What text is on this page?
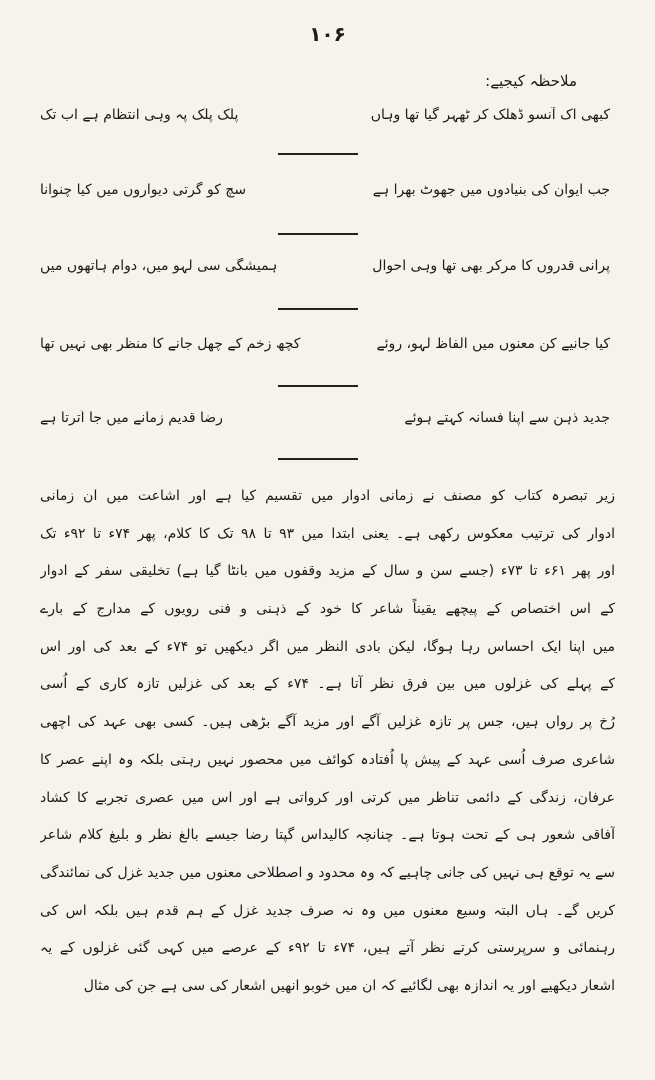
۱۰۶
ملاحظہ کیجیے:
کبھی اک آنسو ڈھلک کر ٹھہر گیا تھا وہاں
پلک پلک پہ وہی انتظام ہے اب تک
جب ایوان کی بنیادوں میں جھوٹ بھرا ہے
سچ کو گرتی دیواروں میں کیا چنوانا
پرانی قدروں کا مرکر بھی تھا وہی احوال
ہمیشگی سی لہو میں، دوام ہاتھوں میں
کیا جانیے کن معنوں میں الفاظ لہو، روئے
کچھ زخم کے چھل جانے کا منظر بھی نہیں تھا
جدید ذہن سے اپنا فسانہ کہتے ہوئے
رِضا قدیم زمانے میں جا اُترتا ہے
زیر تبصرہ کتاب کو مصنف نے زمانی ادوار میں تقسیم کیا ہے اور اشاعت میں ان زمانی
ادوار کی ترتیب معکوس رکھی ہے۔ یعنی ابتدا میں ۹۳ تا ۹۸ تک کا کلام، پھر ۷۴ء تا ۹۲ء تک
اور پھر ۶۱ء تا ۷۳ء (جسے سن و سال کے مزید وقفوں میں بانٹا گیا ہے) تخلیقی سفر کے ادوار
کے اس اختصاص کے پیچھے یقیناً شاعر کا خود کے ذہنی و فنی رویوں کے مدارج کے بارے
میں اپنا ایک احساس رہا ہوگا، لیکن بادی النظر میں اگر دیکھیں تو ۷۴ء کے بعد کی اور اس
کے پہلے کی غزلوں میں بین فرق نظر آتا ہے۔ ۷۴ء کے بعد کی غزلیں تازہ کاری کے اُسی
رُخ پر رواں ہیں، جس پر تازہ غزلیں آگے اور مزید آگے بڑھی ہیں۔ کسی بھی عہد کی اچھی
شاعری صرف اُسی عہد کے پیش پا اُفتادہ کوائف میں محصور نہیں رہتی بلکہ وہ اپنے عصر کا
عرفان، زندگی کے دائمی تناظر میں کرتی اور کرواتی ہے اور اس میں عصری تجربے کا کشاد
آفاقی شعور ہی کے تحت ہوتا ہے۔ چنانچہ کالیداس گپتا رضا جیسے بالغ نظر و بلیغ کلام شاعر
سے یہ توقع ہی نہیں کی جانی چاہیے کہ وہ محدود و اصطلاحی معنوں میں جدید غزل کی نمائندگی
کریں گے۔ ہاں البتہ وسیع معنوں میں وہ نہ صرف جدید غزل کے ہم قدم ہیں بلکہ اس کی
رہنمائی و سرپرستی کرتے نظر آتے ہیں، ۷۴ء تا ۹۲ء کے عرصے میں کہی گئی غزلوں کے یہ
اشعار دیکھیے اور یہ اندازہ بھی لگائیے کہ ان میں خوبو انھیں اشعار کی سی ہے جن کی مثال
